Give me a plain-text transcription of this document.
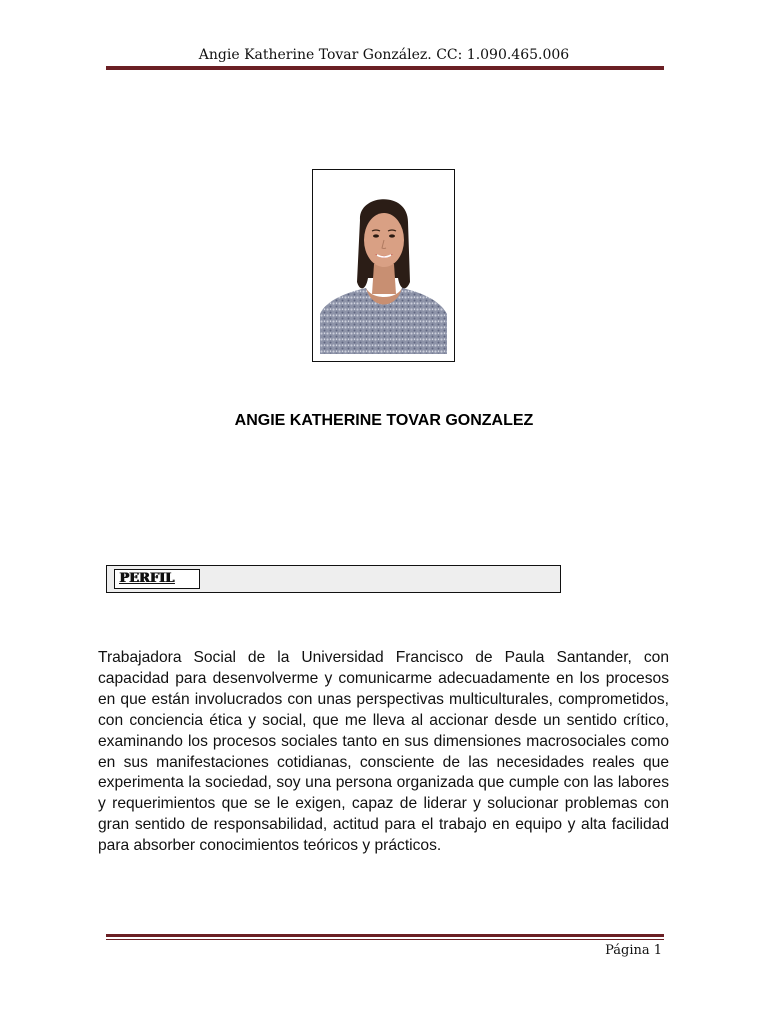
Angie Katherine Tovar González. CC: 1.090.465.006
ANGIE KATHERINE TOVAR GONZALEZ
PERFIL

Trabajadora Social de la Universidad Francisco de Paula Santander, con capacidad para desenvolverme y comunicarme adecuadamente en los procesos en que están involucrados con unas perspectivas multiculturales, comprometidos, con conciencia ética y social, que me lleva al accionar desde un sentido crítico, examinando los procesos sociales tanto en sus dimensiones macrosociales como en sus manifestaciones cotidianas, consciente de las necesidades reales que experimenta la sociedad, soy una persona organizada que cumple con las labores y requerimientos que se le exigen, capaz de liderar y solucionar problemas con gran sentido de responsabilidad, actitud para el trabajo en equipo y alta facilidad para absorber conocimientos teóricos y prácticos.

Página 1
